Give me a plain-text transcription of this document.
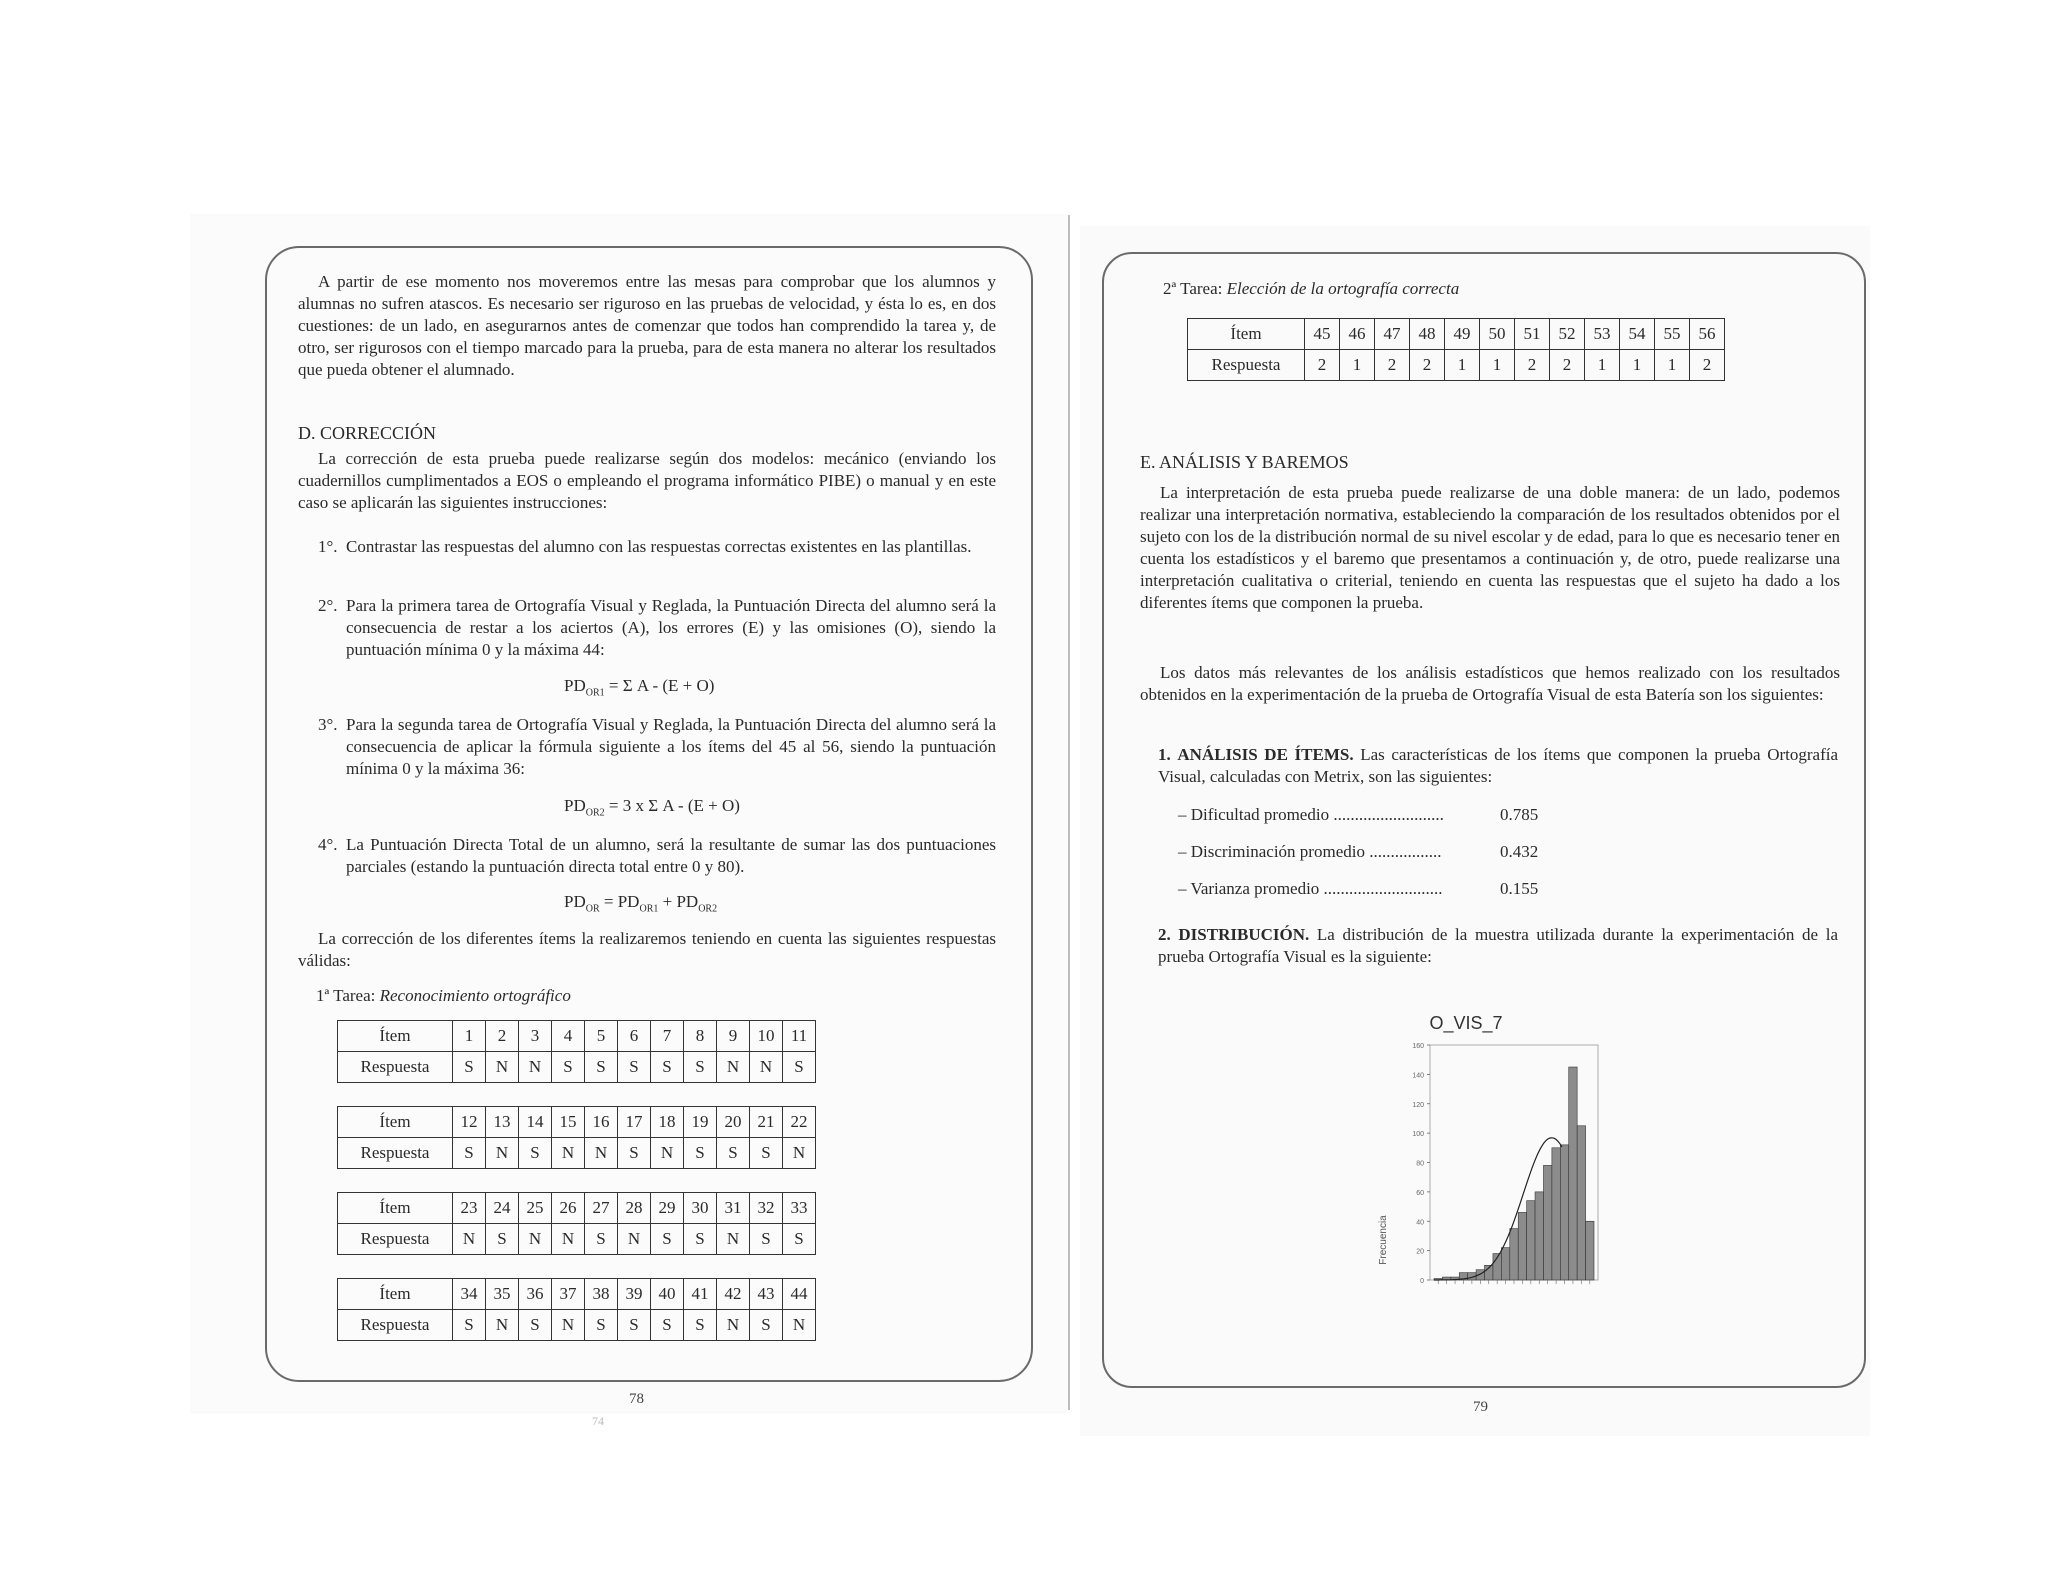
A partir de ese momento nos moveremos entre las mesas para comprobar que los alumnos y alumnas no sufren atascos. Es necesario ser riguroso en las pruebas de velocidad, y ésta lo es, en dos cuestiones: de un lado, en asegurarnos antes de comenzar que todos han comprendido la tarea y, de otro, ser rigurosos con el tiempo marcado para la prueba, para de esta manera no alterar los resultados que pueda obtener el alumnado.
D. CORRECCIÓN
La corrección de esta prueba puede realizarse según dos modelos: mecánico (enviando los cuadernillos cumplimentados a EOS o empleando el programa informático PIBE) o manual y en este caso se aplicarán las siguientes instrucciones:
1°. Contrastar las respuestas del alumno con las respuestas correctas existentes en las plantillas.
2°. Para la primera tarea de Ortografía Visual y Reglada, la Puntuación Directa del alumno será la consecuencia de restar a los aciertos (A), los errores (E) y las omisiones (O), siendo la puntuación mínima 0 y la máxima 44:
$PD_{OR1} = \Sigma$ A - (E + O)
3°. Para la segunda tarea de Ortografía Visual y Reglada, la Puntuación Directa del alumno será la consecuencia de aplicar la fórmula siguiente a los ítems del 45 al 56, siendo la puntuación mínima 0 y la máxima 36:
$PD_{OR2} = 3$ x Σ A - (E + O)
4°. La Puntuación Directa Total de un alumno, será la resultante de sumar las dos puntuaciones parciales (estando la puntuación directa total entre 0 y 80).
$PD_{OR} = PD_{OR1} + PD_{OR2}$
La corrección de los diferentes ítems la realizaremos teniendo en cuenta las siguientes respuestas válidas:
1ª Tarea: Reconocimiento ortográfico
Ítem	1	2	3	4	5	6	7	8	9	10	11
Respuesta	S	N	N	S	S	S	S	S	N	N	S
Ítem	12	13	14	15	16	17	18	19	20	21	22
Respuesta	S	N	S	N	N	S	N	S	S	S	N
Ítem	23	24	25	26	27	28	29	30	31	32	33
Respuesta	N	S	N	N	S	N	S	S	N	S	S
Ítem	34	35	36	37	38	39	40	41	42	43	44
Respuesta	S	N	S	N	S	S	S	S	N	S	N
78
74
2ª Tarea: Elección de la ortografía correcta
Ítem	45	46	47	48	49	50	51	52	53	54	55	56
Respuesta	2	1	2	2	1	1	2	2	1	1	1	2
E. ANÁLISIS Y BAREMOS
La interpretación de esta prueba puede realizarse de una doble manera: de un lado, podemos realizar una interpretación normativa, estableciendo la comparación de los resultados obtenidos por el sujeto con los de la distribución normal de su nivel escolar y de edad, para lo que es necesario tener en cuenta los estadísticos y el baremo que presentamos a continuación y, de otro, puede realizarse una interpretación cualitativa o criterial, teniendo en cuenta las respuestas que el sujeto ha dado a los diferentes ítems que componen la prueba.
Los datos más relevantes de los análisis estadísticos que hemos realizado con los resultados obtenidos en la experimentación de la prueba de Ortografía Visual de esta Batería son los siguientes:
1. ANÁLISIS DE ÍTEMS. Las características de los ítems que componen la prueba Ortografía Visual, calculadas con Metrix, son las siguientes:
– Dificultad promedio ..........................	0.785
– Discriminación promedio .................	0.432
– Varianza promedio ............................	0.155
2. DISTRIBUCIÓN. La distribución de la muestra utilizada durante la experimentación de la prueba Ortografía Visual es la siguiente:
O_VIS_7
Frecuencia
0
20
40
60
80
100
120
140
160
79
